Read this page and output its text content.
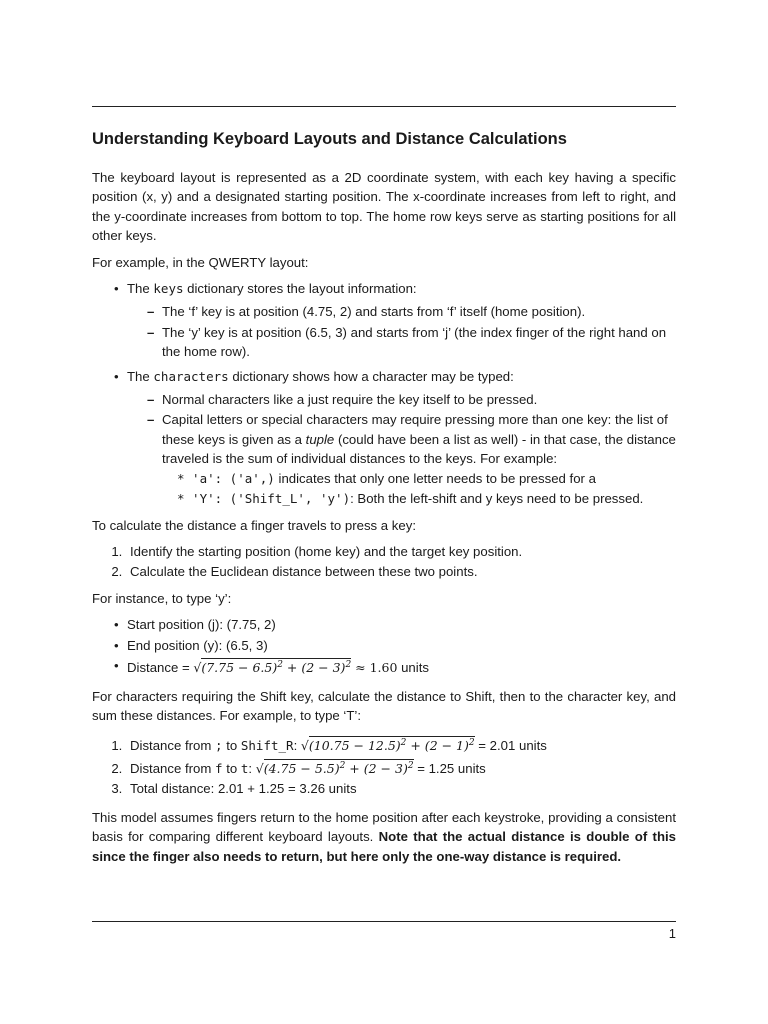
Understanding Keyboard Layouts and Distance Calculations

The keyboard layout is represented as a 2D coordinate system, with each key having a specific position (x, y) and a designated starting position. The x-coordinate increases from left to right, and the y-coordinate increases from bottom to top. The home row keys serve as starting positions for all other keys.

For example, in the QWERTY layout:

• The keys dictionary stores the layout information:
– The ‘f’ key is at position (4.75, 2) and starts from ‘f’ itself (home position).
– The ‘y’ key is at position (6.5, 3) and starts from ‘j’ (the index finger of the right hand on the home row).
• The characters dictionary shows how a character may be typed:
– Normal characters like a just require the key itself to be pressed.
– Capital letters or special characters may require pressing more than one key: the list of these keys is given as a tuple (could have been a list as well) - in that case, the distance traveled is the sum of individual distances to the keys. For example:
* 'a': ('a',) indicates that only one letter needs to be pressed for a
* 'Y': ('Shift_L', 'y'): Both the left-shift and y keys need to be pressed.

To calculate the distance a finger travels to press a key:

1. Identify the starting position (home key) and the target key position.
2. Calculate the Euclidean distance between these two points.

For instance, to type ‘y’:

• Start position (j): (7.75, 2)
• End position (y): (6.5, 3)
• Distance = $√(7.75 - 6.5)^2 + (2 - 3)^2 \approx 1.60$ units

For characters requiring the Shift key, calculate the distance to Shift, then to the character key, and sum these distances. For example, to type ‘T’:

1. Distance from ; to Shift_R: $√(10.75 - 12.5)^2 + (2 - 1)^2 = 2.01$ units
2. Distance from f to t: $√(4.75 - 5.5)^2 + (2 - 3)^2 = 1.25$ units
3. Total distance: 2.01 + 1.25 = 3.26 units

This model assumes fingers return to the home position after each keystroke, providing a consistent basis for comparing different keyboard layouts. Note that the actual distance is double of this since the finger also needs to return, but here only the one-way distance is required.

1
